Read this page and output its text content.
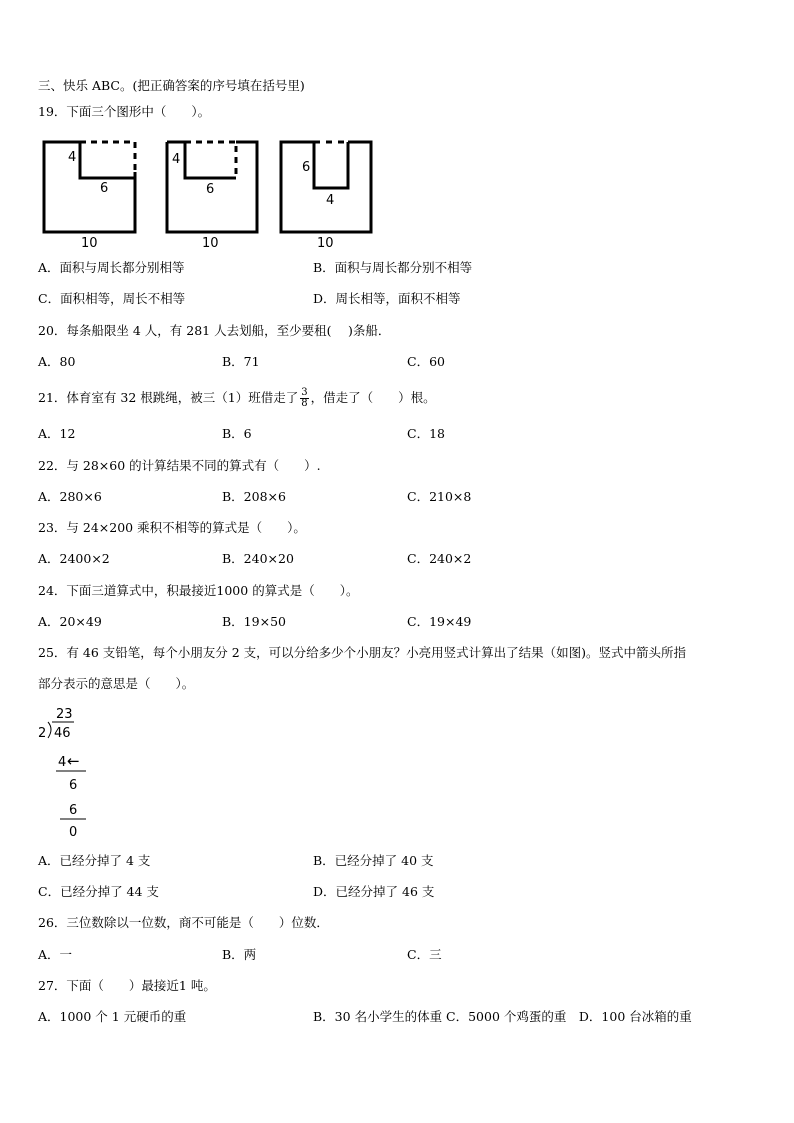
三、快乐 ABC。(把正确答案的序号填在括号里)
19．下面三个图形中（　　）。
4
6
10
4
6
10
6
4
10
A．面积与周长都分别相等	B．面积与周长都分别不相等
C．面积相等，周长不相等	D．周长相等，面积不相等
20．每条船限坐 4 人，有 281 人去划船，至少要租(　 )条船．
A．80	B．71	C．60
21．体育室有 32 根跳绳，被三（1）班借走了 $\frac{3}{8}$ ，借走了（　　）根。
A．12	B．6	C．18
22．与 28×60 的计算结果不同的算式有（　　）.
A．280×6	B．208×6	C．210×8
23．与 24×200 乘积不相等的算式是（　　）。
A．2400×2	B．240×20	C．240×2
24．下面三道算式中，积最接近1000 的算式是（　　）。
A．20×49	B．19×50	C．19×49
25．有 46 支铅笔，每个小朋友分 2 支，可以分给多少个小朋友？小亮用竖式计算出了结果（如图)。竖式中箭头所指
部分表示的意思是（　　）。
23
2 46
4 ←
6
6
0
A．已经分掉了 4 支	B．已经分掉了 40 支
C．已经分掉了 44 支	D．已经分掉了 46 支
26．三位数除以一位数，商不可能是（　　）位数．
A．一	B．两	C．三
27．下面（　　）最接近1 吨。
A．1000 个 1 元硬币的重	B．30 名小学生的体重 C．5000 个鸡蛋的重　D．100 台冰箱的重
